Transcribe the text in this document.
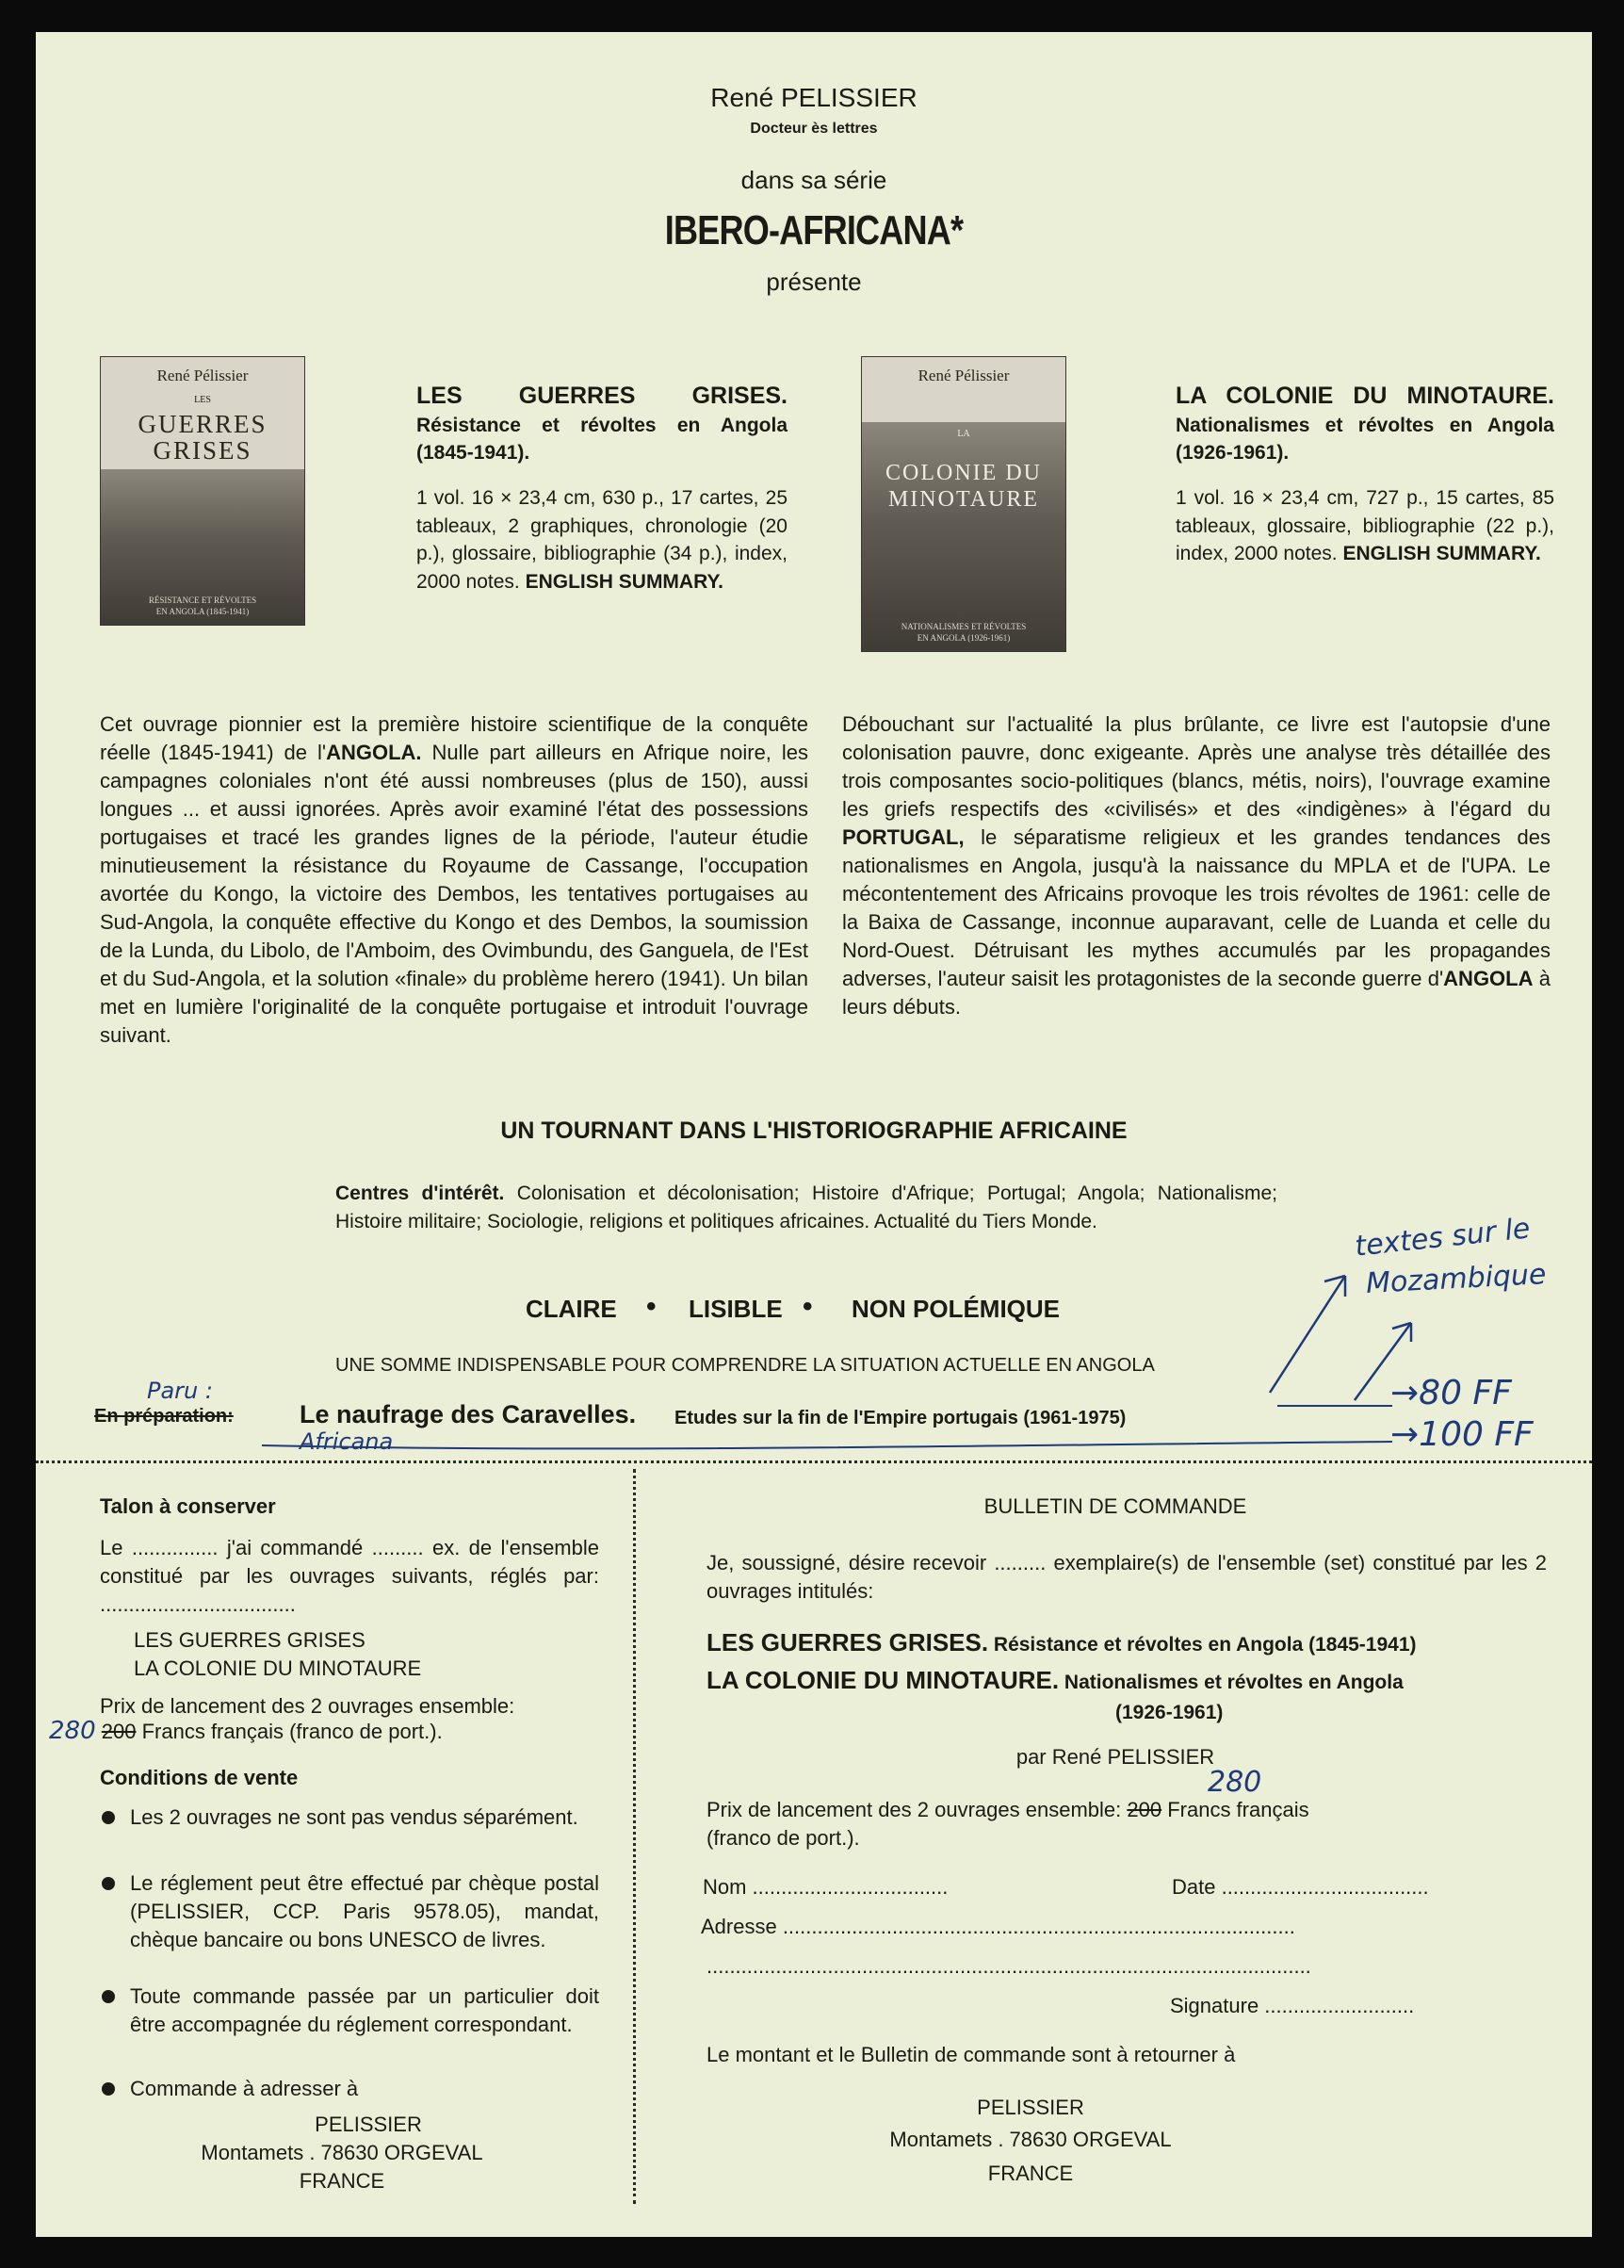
René PELISSIER
Docteur ès lettres
dans sa série
IBERO-AFRICANA*
présente
René Pélissier
LES
GUERRES
GRISES
RÉSISTANCE ET RÉVOLTES
EN ANGOLA (1845-1941)
LES GUERRES GRISES. Résistance et révoltes en Angola (1845-1941).
1 vol. 16 × 23,4 cm, 630 p., 17 cartes, 25 tableaux, 2 graphiques, chronologie (20 p.), glossaire, bibliographie (34 p.), index, 2000 notes. ENGLISH SUMMARY.
René Pélissier
LA
COLONIE DU
MINOTAURE
NATIONALISMES ET RÉVOLTES
EN ANGOLA (1926-1961)
LA COLONIE DU MINOTAURE. Nationalismes et révoltes en Angola (1926-1961).
1 vol. 16 × 23,4 cm, 727 p., 15 cartes, 85 tableaux, glossaire, bibliographie (22 p.), index, 2000 notes. ENGLISH SUMMARY.
Cet ouvrage pionnier est la première histoire scientifique de la conquête réelle (1845-1941) de l'ANGOLA. Nulle part ailleurs en Afrique noire, les campagnes coloniales n'ont été aussi nombreuses (plus de 150), aussi longues ... et aussi ignorées. Après avoir examiné l'état des possessions portugaises et tracé les grandes lignes de la période, l'auteur étudie minutieusement la résistance du Royaume de Cassange, l'occupation avortée du Kongo, la victoire des Dembos, les tentatives portugaises au Sud-Angola, la conquête effective du Kongo et des Dembos, la soumission de la Lunda, du Libolo, de l'Amboim, des Ovimbundu, des Ganguela, de l'Est et du Sud-Angola, et la solution «finale» du problème herero (1941). Un bilan met en lumière l'originalité de la conquête portugaise et introduit l'ouvrage suivant.
Débouchant sur l'actualité la plus brûlante, ce livre est l'autopsie d'une colonisation pauvre, donc exigeante. Après une analyse très détaillée des trois composantes socio-politiques (blancs, métis, noirs), l'ouvrage examine les griefs respectifs des «civilisés» et des «indigènes» à l'égard du PORTUGAL, le séparatisme religieux et les grandes tendances des nationalismes en Angola, jusqu'à la naissance du MPLA et de l'UPA. Le mécontentement des Africains provoque les trois révoltes de 1961: celle de la Baixa de Cassange, inconnue auparavant, celle de Luanda et celle du Nord-Ouest. Détruisant les mythes accumulés par les propagandes adverses, l'auteur saisit les protagonistes de la seconde guerre d'ANGOLA à leurs débuts.
UN TOURNANT DANS L'HISTORIOGRAPHIE AFRICAINE
Centres d'intérêt. Colonisation et décolonisation; Histoire d'Afrique; Portugal; Angola; Nationalisme; Histoire militaire; Sociologie, religions et politiques africaines. Actualité du Tiers Monde.
CLAIRE • LISIBLE • NON POLÉMIQUE
UNE SOMME INDISPENSABLE POUR COMPRENDRE LA SITUATION ACTUELLE EN ANGOLA
En préparation:	Le naufrage des Caravelles. Etudes sur la fin de l'Empire portugais (1961-1975)
Paru :
Africana
textes sur le
Mozambique
→80 FF
→100 FF
Talon à conserver
Le ............... j'ai commandé ......... ex. de l'ensemble constitué par les ouvrages suivants, réglés par: ..................................
LES GUERRES GRISES
LA COLONIE DU MINOTAURE
Prix de lancement des 2 ouvrages ensemble:
280 200 Francs français (franco de port.).
Conditions de vente
Les 2 ouvrages ne sont pas vendus séparément.
Le réglement peut être effectué par chèque postal (PELISSIER, CCP. Paris 9578.05), mandat, chèque bancaire ou bons UNESCO de livres.
Toute commande passée par un particulier doit être accompagnée du réglement correspondant.
Commande à adresser à
PELISSIER
Montamets . 78630 ORGEVAL
FRANCE
BULLETIN DE COMMANDE
Je, soussigné, désire recevoir ......... exemplaire(s) de l'ensemble (set) constitué par les 2 ouvrages intitulés:
LES GUERRES GRISES. Résistance et révoltes en Angola (1845-1941)
LA COLONIE DU MINOTAURE. Nationalismes et révoltes en Angola
(1926-1961)
par René PELISSIER
280
Prix de lancement des 2 ouvrages ensemble: 200 Francs français
(franco de port.).
Nom ..................................	Date ....................................
Adresse .........................................................................................
.........................................................................................................
Signature ..........................
Le montant et le Bulletin de commande sont à retourner à
PELISSIER
Montamets . 78630 ORGEVAL
FRANCE
